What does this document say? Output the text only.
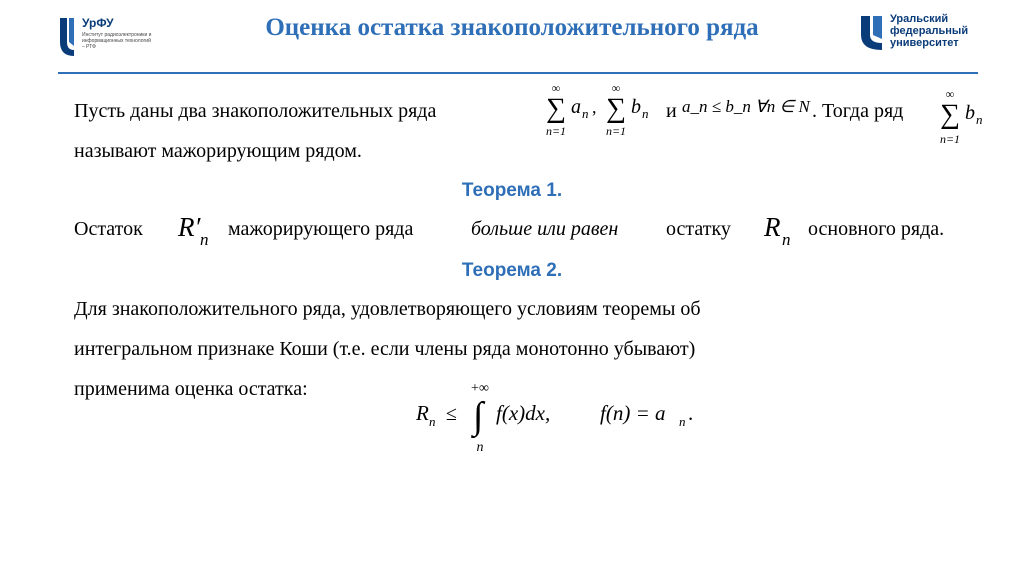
УрФУ
Институт радиоэлектроники и информационных технологий – РТФ
Оценка остатка знакоположительного ряда	Уральский
федеральный
университет
Пусть даны два знакоположительных ряда
∞
∑
n=1
a n ,
∞
∑
n=1
b n и a_n ≤ b_n ∀n ∈ N . Тогда ряд
∞
∑
n=1
b n
называют мажорирующим рядом.
Теорема 1.
Остаток R′ n мажорирующего ряда	больше или равен остатку R n основного ряда.
Теорема 2.
Для знакоположительного ряда, удовлетворяющего условиям теоремы об
интегральном признаке Коши (т.е. если члены ряда монотонно убывают)
применима оценка остатка:
R n ≤
+∞
∫
n
f(x)dx, f(n) = a n .
